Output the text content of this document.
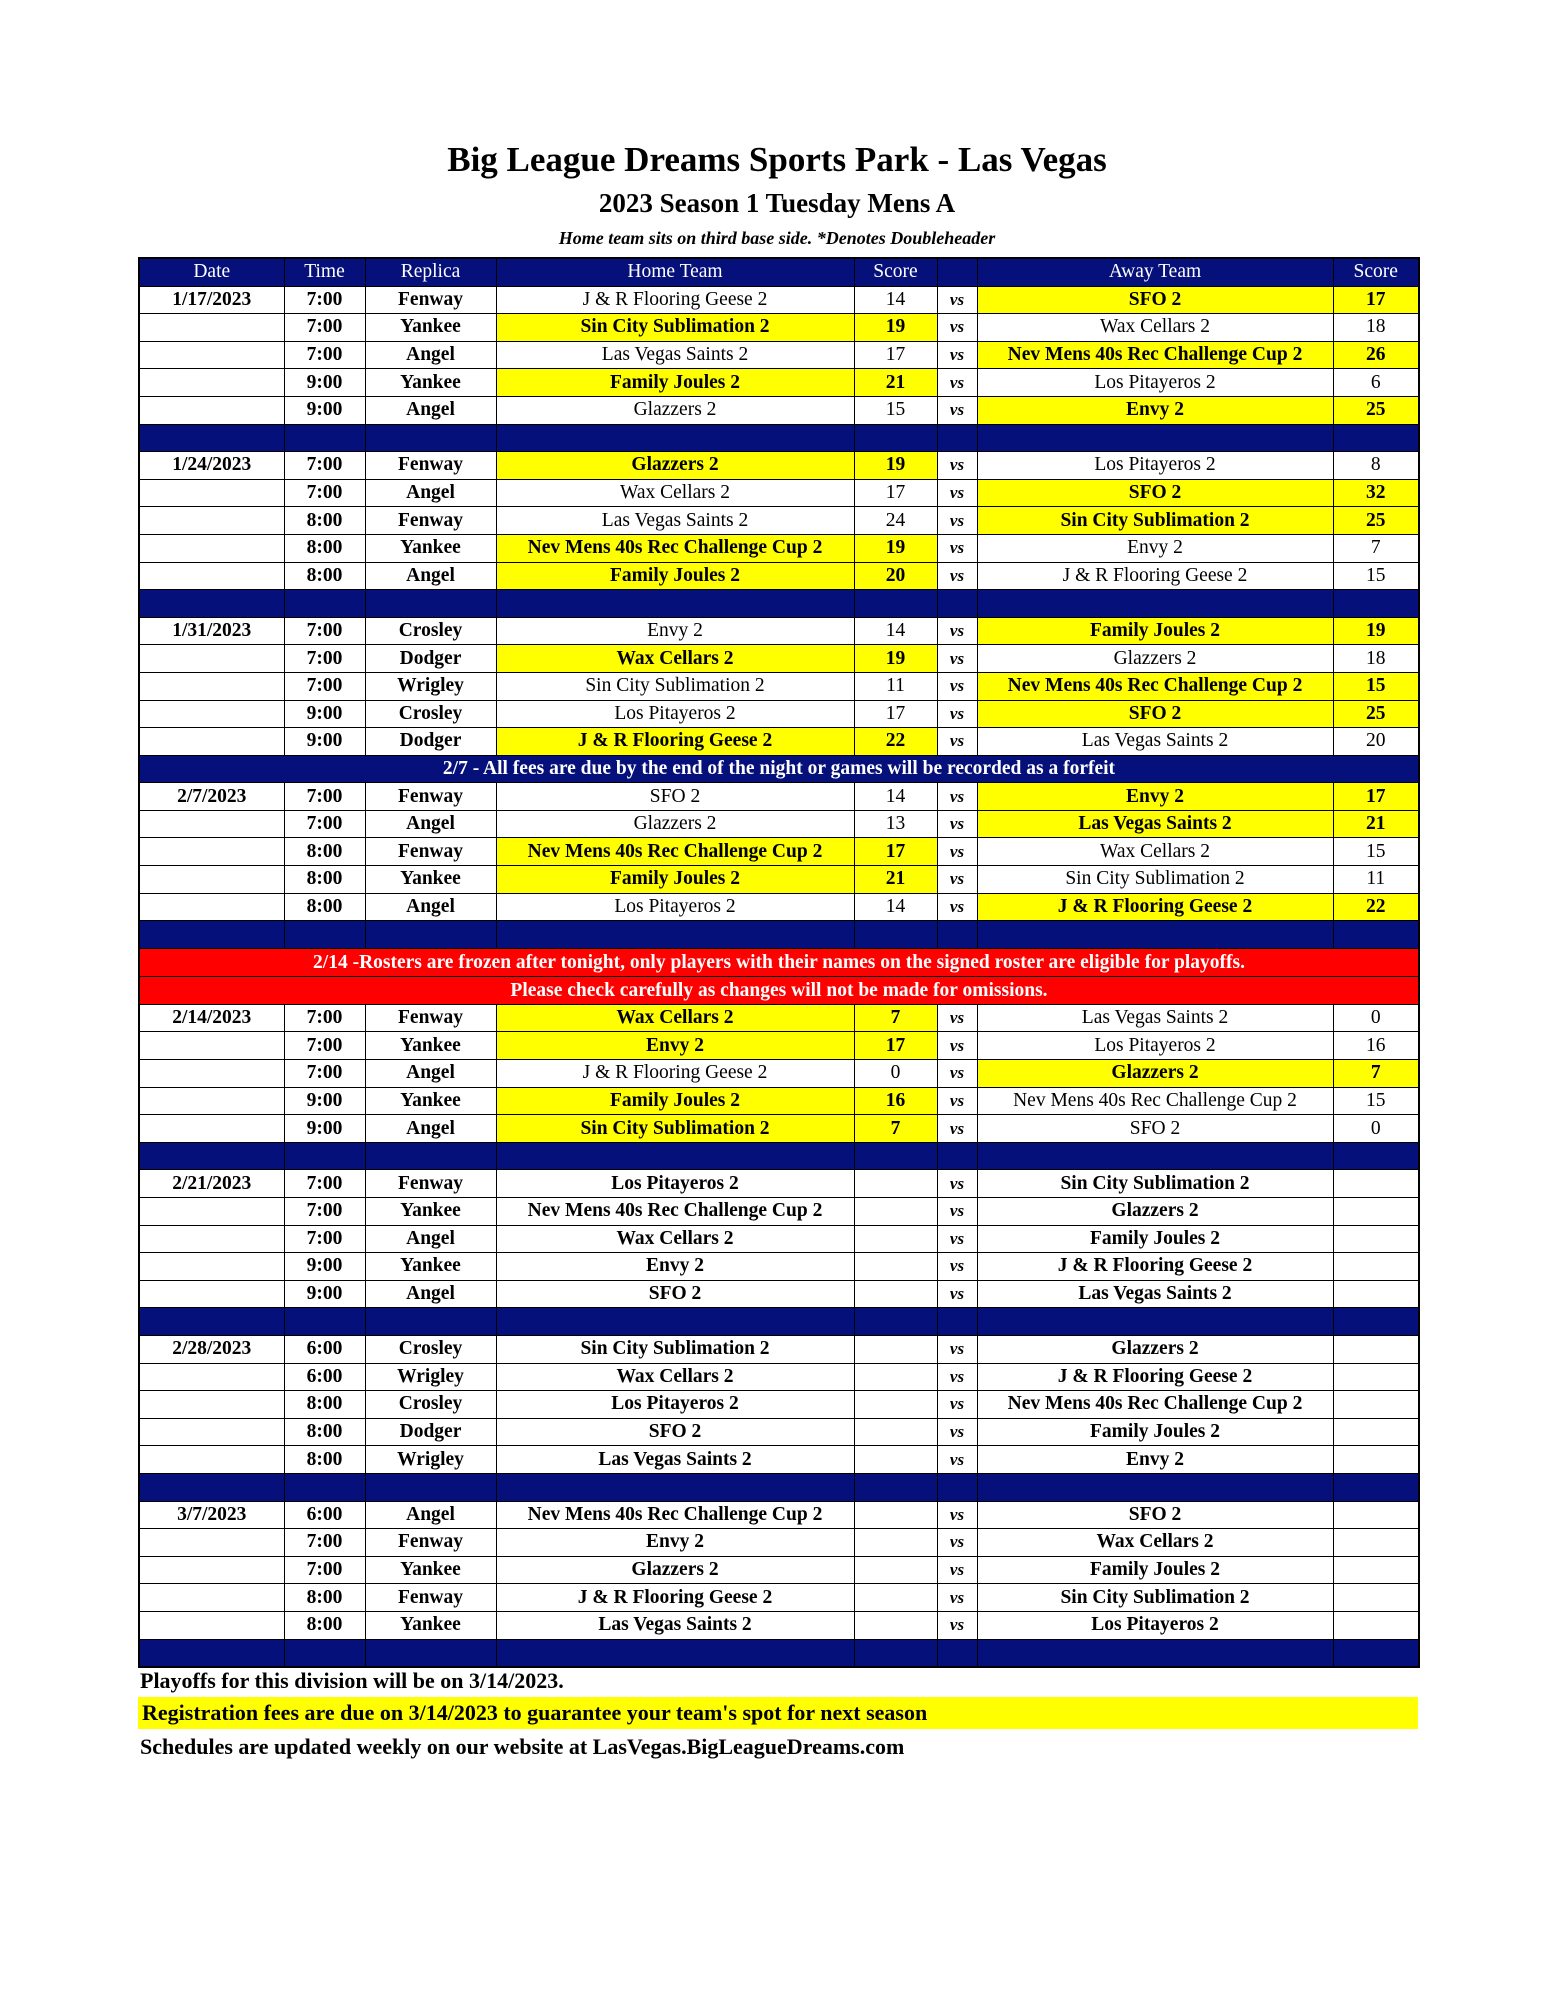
Big League Dreams Sports Park - Las Vegas
2023 Season 1 Tuesday Mens A
Home team sits on third base side. *Denotes Doubleheader
Date	Time	Replica	Home Team	Score		Away Team	Score
1/17/2023	7:00	Fenway	J & R Flooring Geese 2	14	vs	SFO 2	17
	7:00	Yankee	Sin City Sublimation 2	19	vs	Wax Cellars 2	18
	7:00	Angel	Las Vegas Saints 2	17	vs	Nev Mens 40s Rec Challenge Cup 2	26
	9:00	Yankee	Family Joules 2	21	vs	Los Pitayeros 2	6
	9:00	Angel	Glazzers 2	15	vs	Envy 2	25

1/24/2023	7:00	Fenway	Glazzers 2	19	vs	Los Pitayeros 2	8
	7:00	Angel	Wax Cellars 2	17	vs	SFO 2	32
	8:00	Fenway	Las Vegas Saints 2	24	vs	Sin City Sublimation 2	25
	8:00	Yankee	Nev Mens 40s Rec Challenge Cup 2	19	vs	Envy 2	7
	8:00	Angel	Family Joules 2	20	vs	J & R Flooring Geese 2	15

1/31/2023	7:00	Crosley	Envy 2	14	vs	Family Joules 2	19
	7:00	Dodger	Wax Cellars 2	19	vs	Glazzers 2	18
	7:00	Wrigley	Sin City Sublimation 2	11	vs	Nev Mens 40s Rec Challenge Cup 2	15
	9:00	Crosley	Los Pitayeros 2	17	vs	SFO 2	25
	9:00	Dodger	J & R Flooring Geese 2	22	vs	Las Vegas Saints 2	20
2/7 - All fees are due by the end of the night or games will be recorded as a forfeit							
2/7/2023	7:00	Fenway	SFO 2	14	vs	Envy 2	17
	7:00	Angel	Glazzers 2	13	vs	Las Vegas Saints 2	21
	8:00	Fenway	Nev Mens 40s Rec Challenge Cup 2	17	vs	Wax Cellars 2	15
	8:00	Yankee	Family Joules 2	21	vs	Sin City Sublimation 2	11
	8:00	Angel	Los Pitayeros 2	14	vs	J & R Flooring Geese 2	22

2/14 -Rosters are frozen after tonight, only players with their names on the signed roster are eligible for playoffs.							
Please check carefully as changes will not be made for omissions.							
2/14/2023	7:00	Fenway	Wax Cellars 2	7	vs	Las Vegas Saints 2	0
	7:00	Yankee	Envy 2	17	vs	Los Pitayeros 2	16
	7:00	Angel	J & R Flooring Geese 2	0	vs	Glazzers 2	7
	9:00	Yankee	Family Joules 2	16	vs	Nev Mens 40s Rec Challenge Cup 2	15
	9:00	Angel	Sin City Sublimation 2	7	vs	SFO 2	0

2/21/2023	7:00	Fenway	Los Pitayeros 2		vs	Sin City Sublimation 2	
	7:00	Yankee	Nev Mens 40s Rec Challenge Cup 2		vs	Glazzers 2	
	7:00	Angel	Wax Cellars 2		vs	Family Joules 2	
	9:00	Yankee	Envy 2		vs	J & R Flooring Geese 2	
	9:00	Angel	SFO 2		vs	Las Vegas Saints 2	

2/28/2023	6:00	Crosley	Sin City Sublimation 2		vs	Glazzers 2	
	6:00	Wrigley	Wax Cellars 2		vs	J & R Flooring Geese 2	
	8:00	Crosley	Los Pitayeros 2		vs	Nev Mens 40s Rec Challenge Cup 2	
	8:00	Dodger	SFO 2		vs	Family Joules 2	
	8:00	Wrigley	Las Vegas Saints 2		vs	Envy 2	

3/7/2023	6:00	Angel	Nev Mens 40s Rec Challenge Cup 2		vs	SFO 2	
	7:00	Fenway	Envy 2		vs	Wax Cellars 2	
	7:00	Yankee	Glazzers 2		vs	Family Joules 2	
	8:00	Fenway	J & R Flooring Geese 2		vs	Sin City Sublimation 2	
	8:00	Yankee	Las Vegas Saints 2		vs	Los Pitayeros 2	

Playoffs for this division will be on 3/14/2023.
Registration fees are due on 3/14/2023 to guarantee your team's spot for next season
Schedules are updated weekly on our website at LasVegas.BigLeagueDreams.com
